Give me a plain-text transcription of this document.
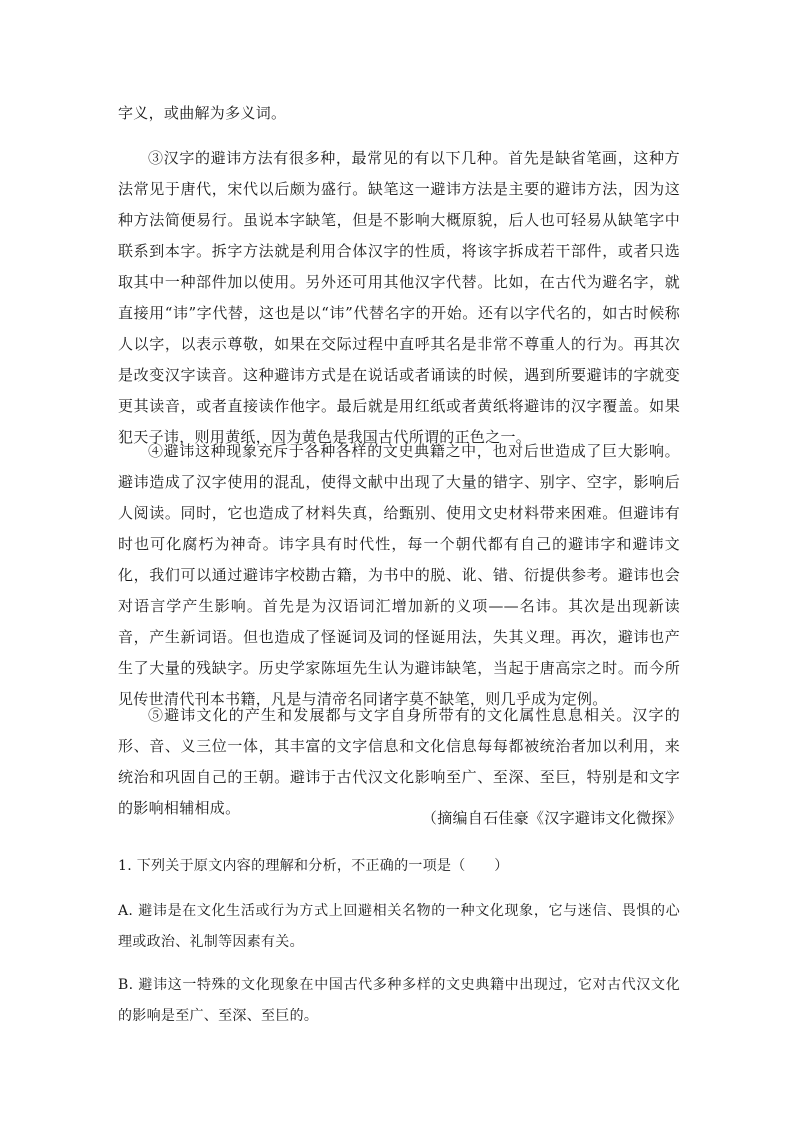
字义，或曲解为多义词。

③汉字的避讳方法有很多种，最常见的有以下几种。首先是缺省笔画，这种方法常见于唐代，宋代以后颇为盛行。缺笔这一避讳方法是主要的避讳方法，因为这种方法简便易行。虽说本字缺笔，但是不影响大概原貌，后人也可轻易从缺笔字中联系到本字。拆字方法就是利用合体汉字的性质，将该字拆成若干部件，或者只选取其中一种部件加以使用。另外还可用其他汉字代替。比如，在古代为避名字，就直接用“讳”字代替，这也是以“讳”代替名字的开始。还有以字代名的，如古时候称人以字，以表示尊敬，如果在交际过程中直呼其名是非常不尊重人的行为。再其次是改变汉字读音。这种避讳方式是在说话或者诵读的时候，遇到所要避讳的字就变更其读音，或者直接读作他字。最后就是用红纸或者黄纸将避讳的汉字覆盖。如果犯天子讳，则用黄纸，因为黄色是我国古代所谓的正色之一。

④避讳这种现象充斥于各种各样的文史典籍之中，也对后世造成了巨大影响。避讳造成了汉字使用的混乱，使得文献中出现了大量的错字、别字、空字，影响后人阅读。同时，它也造成了材料失真，给甄别、使用文史材料带来困难。但避讳有时也可化腐朽为神奇。讳字具有时代性，每一个朝代都有自己的避讳字和避讳文化，我们可以通过避讳字校勘古籍，为书中的脱、讹、错、衍提供参考。避讳也会对语言学产生影响。首先是为汉语词汇增加新的义项——名讳。其次是出现新读音，产生新词语。但也造成了怪诞词及词的怪诞用法，失其义理。再次，避讳也产生了大量的残缺字。历史学家陈垣先生认为避讳缺笔，当起于唐高宗之时。而今所见传世清代刊本书籍，凡是与清帝名同诸字莫不缺笔，则几乎成为定例。

⑤避讳文化的产生和发展都与文字自身所带有的文化属性息息相关。汉字的形、音、义三位一体，其丰富的文字信息和文化信息每每都被统治者加以利用，来统治和巩固自己的王朝。避讳于古代汉文化影响至广、至深、至巨，特别是和文字的影响相辅相成。

（摘编自石佳豪《汉字避讳文化微探》

1. 下列关于原文内容的理解和分析，不正确的一项是（　　）

A. 避讳是在文化生活或行为方式上回避相关名物的一种文化现象，它与迷信、畏惧的心理或政治、礼制等因素有关。

B. 避讳这一特殊的文化现象在中国古代多种多样的文史典籍中出现过，它对古代汉文化的影响是至广、至深、至巨的。
